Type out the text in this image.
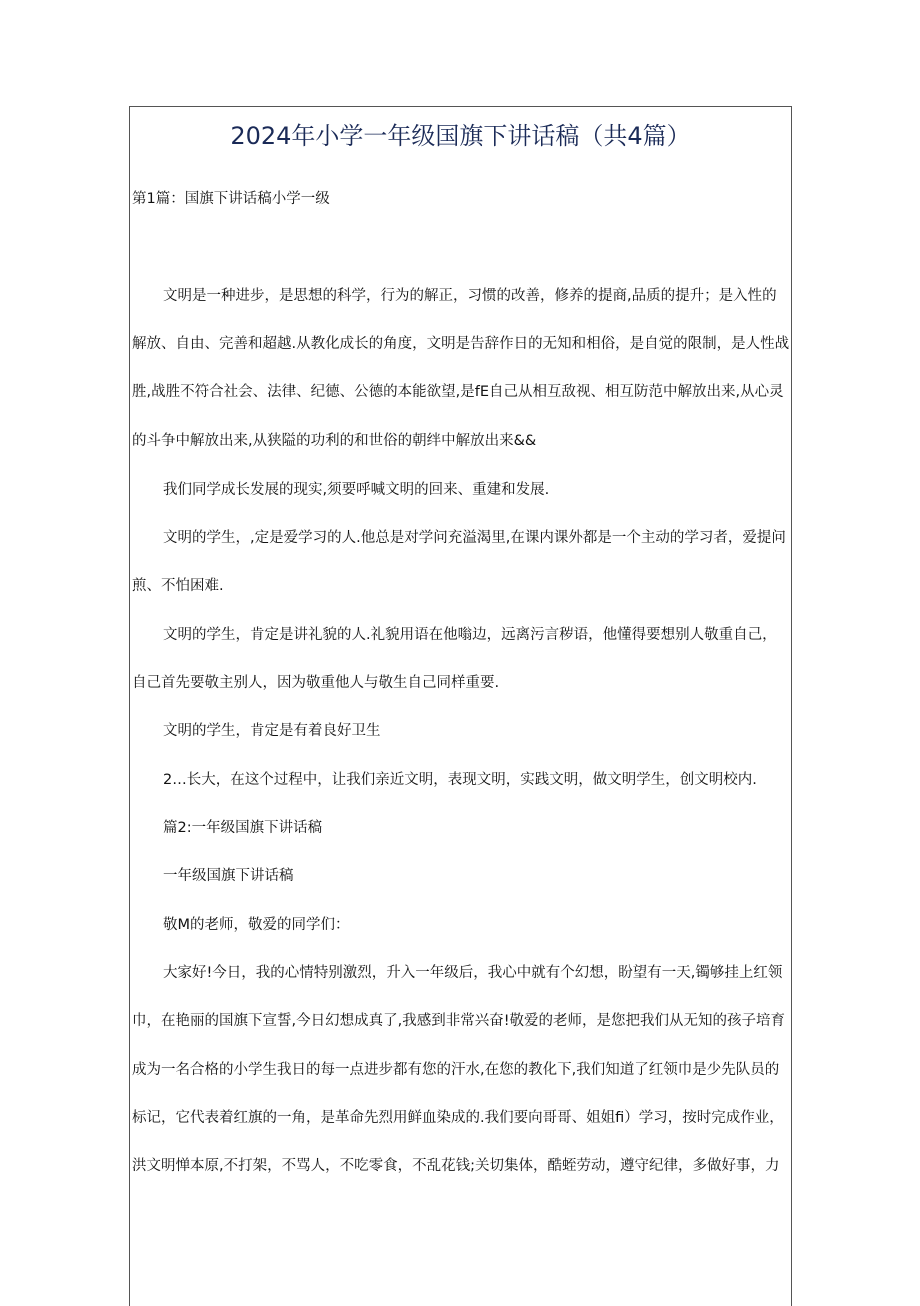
2024年小学一年级国旗下讲话稿（共4篇）
第1篇：国旗下讲话稿小学一级
文明是一种进步，是思想的科学，行为的解正，习惯的改善，修养的提商,品质的提升；是入性的
解放、自由、完善和超越.从教化成长的角度，文明是告辞作日的无知和相俗，是自觉的限制，是人性战
胜,战胜不符合社会、法律、纪德、公德的本能欲望,是fE自己从相互敌视、相互防范中解放出来,从心灵
的斗争中解放出来,从狭隘的功利的和世俗的朝绊中解放出来&&
我们同学成长发展的现实,须要呼喊文明的回来、重建和发展.
文明的学生，,定是爱学习的人.他总是对学问充溢渴里,在课内课外都是一个主动的学习者，爱提问
煎、不怕困难.
文明的学生，肯定是讲礼貌的人.礼貌用语在他嗡边，远离污言秽语，他懂得要想别人敬重自己，
自己首先要敬主别人，因为敬重他人与敬生自己同样重要.
文明的学生，肯定是有着良好卫生
2…长大，在这个过程中，让我们亲近文明，表现文明，实践文明，做文明学生，创文明校内.
篇2:一年级国旗下讲话稿
一年级国旗下讲话稿
敬M的老师，敬爱的同学们：
大家好!今日，我的心情特别激烈，升入一年级后，我心中就有个幻想，盼望有一天,镯够挂上红领
巾，在艳丽的国旗下宣誓,今日幻想成真了,我感到非常兴奋!敬爱的老师，是您把我们从无知的孩子培育
成为一名合格的小学生我日的每一点进步都有您的汗水,在您的教化下,我们知道了红领巾是少先队员的
标记，它代表着红旗的一角，是革命先烈用鲜血染成的.我们要向哥哥、姐姐fi）学习，按时完成作业，
洪文明惮本原,不打架，不骂人，不吃零食，不乱花钱;关切集体，酷蛭劳动，遵守纪律，多做好事，力
